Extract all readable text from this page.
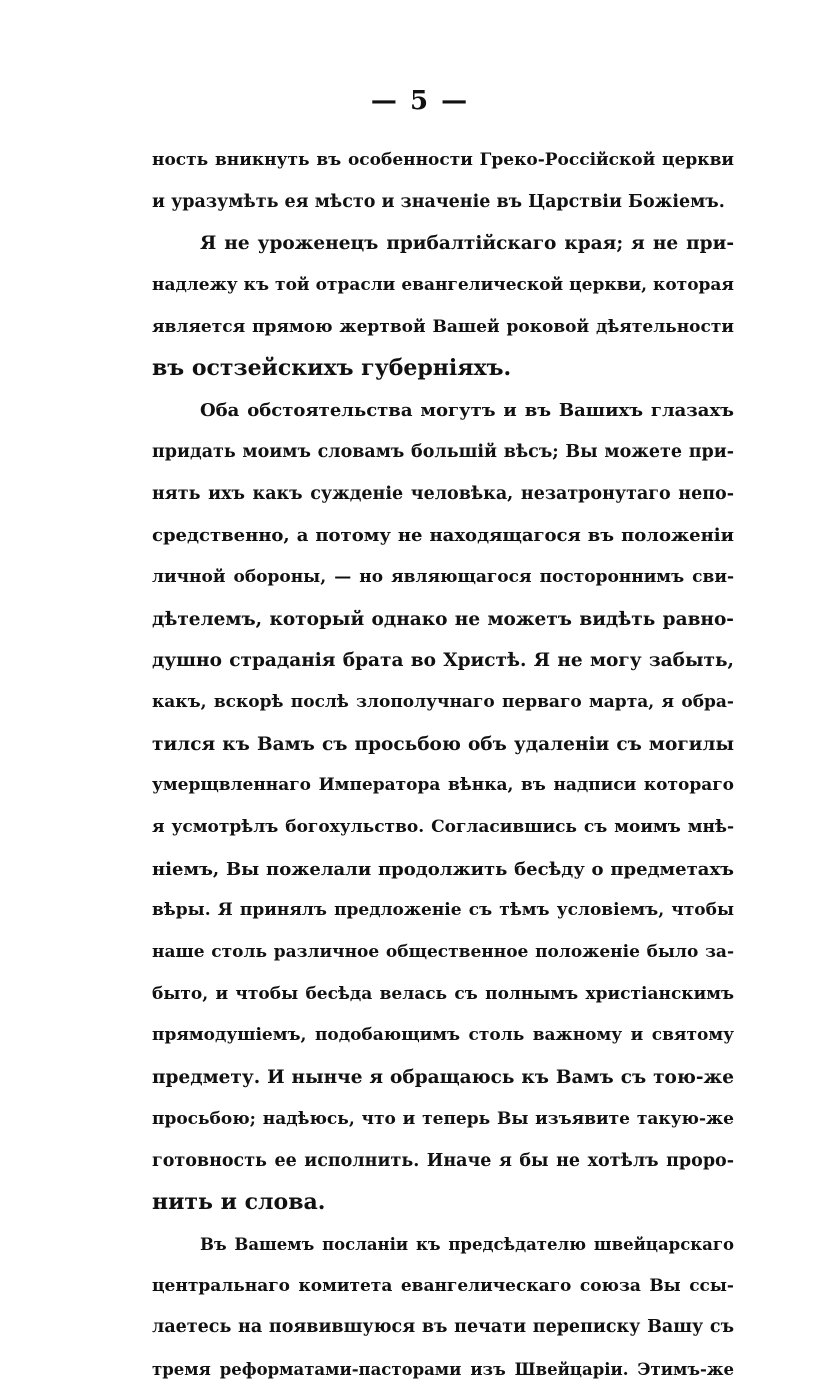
— 5 —
ность вникнуть въ особенности Греко-Россійской церкви
и уразумѣть ея мѣсто и значеніе въ Царствіи Божіемъ.
Я не уроженецъ прибалтійскаго края; я не при-
надлежу къ той отрасли евангелической церкви, которая
является прямою жертвой Вашей роковой дѣятельности
въ остзейскихъ губерніяхъ.
Оба обстоятельства могутъ и въ Вашихъ глазахъ
придать моимъ словамъ большій вѣсъ; Вы можете при-
нять ихъ какъ сужденіе человѣка, незатронутаго непо-
средственно, а потому не находящагося въ положеніи
личной обороны, — но являющагося постороннимъ сви-
дѣтелемъ, который однако не можетъ видѣть равно-
душно страданія брата во Христѣ. Я не могу забыть,
какъ, вскорѣ послѣ злополучнаго перваго марта, я обра-
тился къ Вамъ съ просьбою объ удаленіи съ могилы
умерщвленнаго Императора вѣнка, въ надписи котораго
я усмотрѣлъ богохульство. Согласившись съ моимъ мнѣ-
ніемъ, Вы пожелали продолжить бесѣду о предметахъ
вѣры. Я принялъ предложеніе съ тѣмъ условіемъ, чтобы
наше столь различное общественное положеніе было за-
быто, и чтобы бесѣда велась съ полнымъ христіанскимъ
прямодушіемъ, подобающимъ столь важному и святому
предмету. И нынче я обращаюсь къ Вамъ съ тою-же
просьбою; надѣюсь, что и теперь Вы изъявите такую-же
готовность ее исполнить. Иначе я бы не хотѣлъ проро-
нить и слова.
Въ Вашемъ посланіи къ предсѣдателю швейцарскаго
центральнаго комитета евангелическаго союза Вы ссы-
лаетесь на появившуюся въ печати переписку Вашу съ
тремя реформатами-пасторами изъ Швейцаріи. Этимъ-же
